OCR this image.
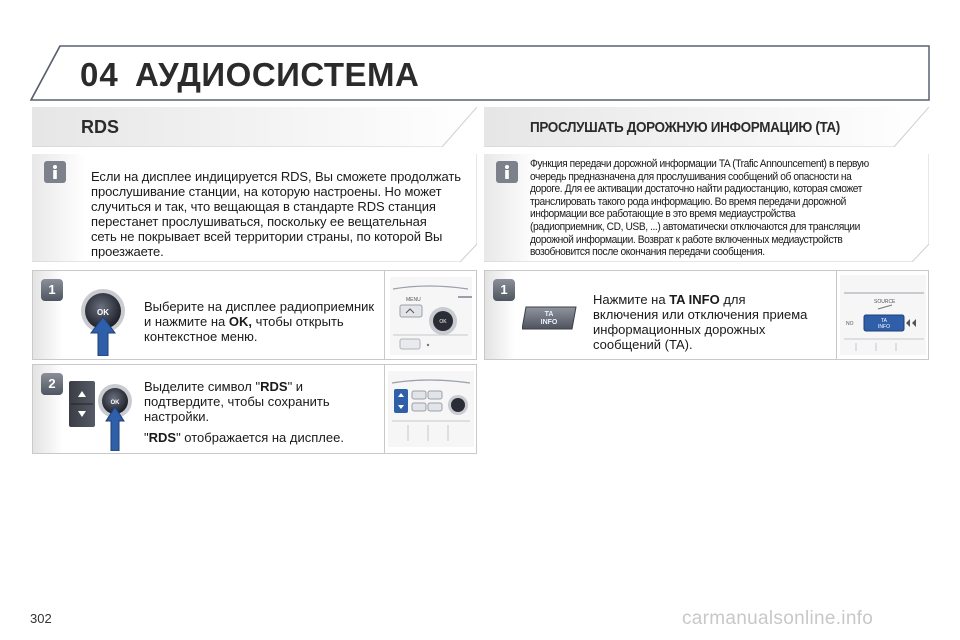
04 АУДИОСИСТЕМА
RDS	ПРОСЛУШАТЬ ДОРОЖНУЮ ИНФОРМАЦИЮ (TA)
Если на дисплее индицируется RDS, Вы сможете продолжать
прослушивание станции, на которую настроены. Но может
случиться и так, что вещающая в стандарте RDS станция
перестанет прослушиваться, поскольку ее вещательная
сеть не покрывает всей территории страны, по которой Вы
проезжаете.
Функция передачи дорожной информации TA (Trafic Announcement) в первую
очередь предназначена для прослушивания сообщений об опасности на
дороге. Для ее активации достаточно найти радиостанцию, которая сможет
транслировать такого рода информацию. Во время передачи дорожной
информации все работающие в это время медиаустройства
(радиоприемник, CD, USB, ...) автоматически отключаются для трансляции
дорожной информации. Возврат к работе включенных медиаустройств
возобновится после окончания передачи сообщения.
1
OK	Выберите на дисплее радиоприемник
и нажмите на OK, чтобы открыть
контекстное меню.
MENU
OK
2
OK
Выделите символ "RDS" и
подтвердите, чтобы сохранить
настройки.
"RDS" отображается на дисплее.
1
TA
INFO
Нажмите на TA INFO для
включения или отключения приема
информационных дорожных
сообщений (TA).
SOURCE
NO	TA
INFO
302	carmanualsonline.info
